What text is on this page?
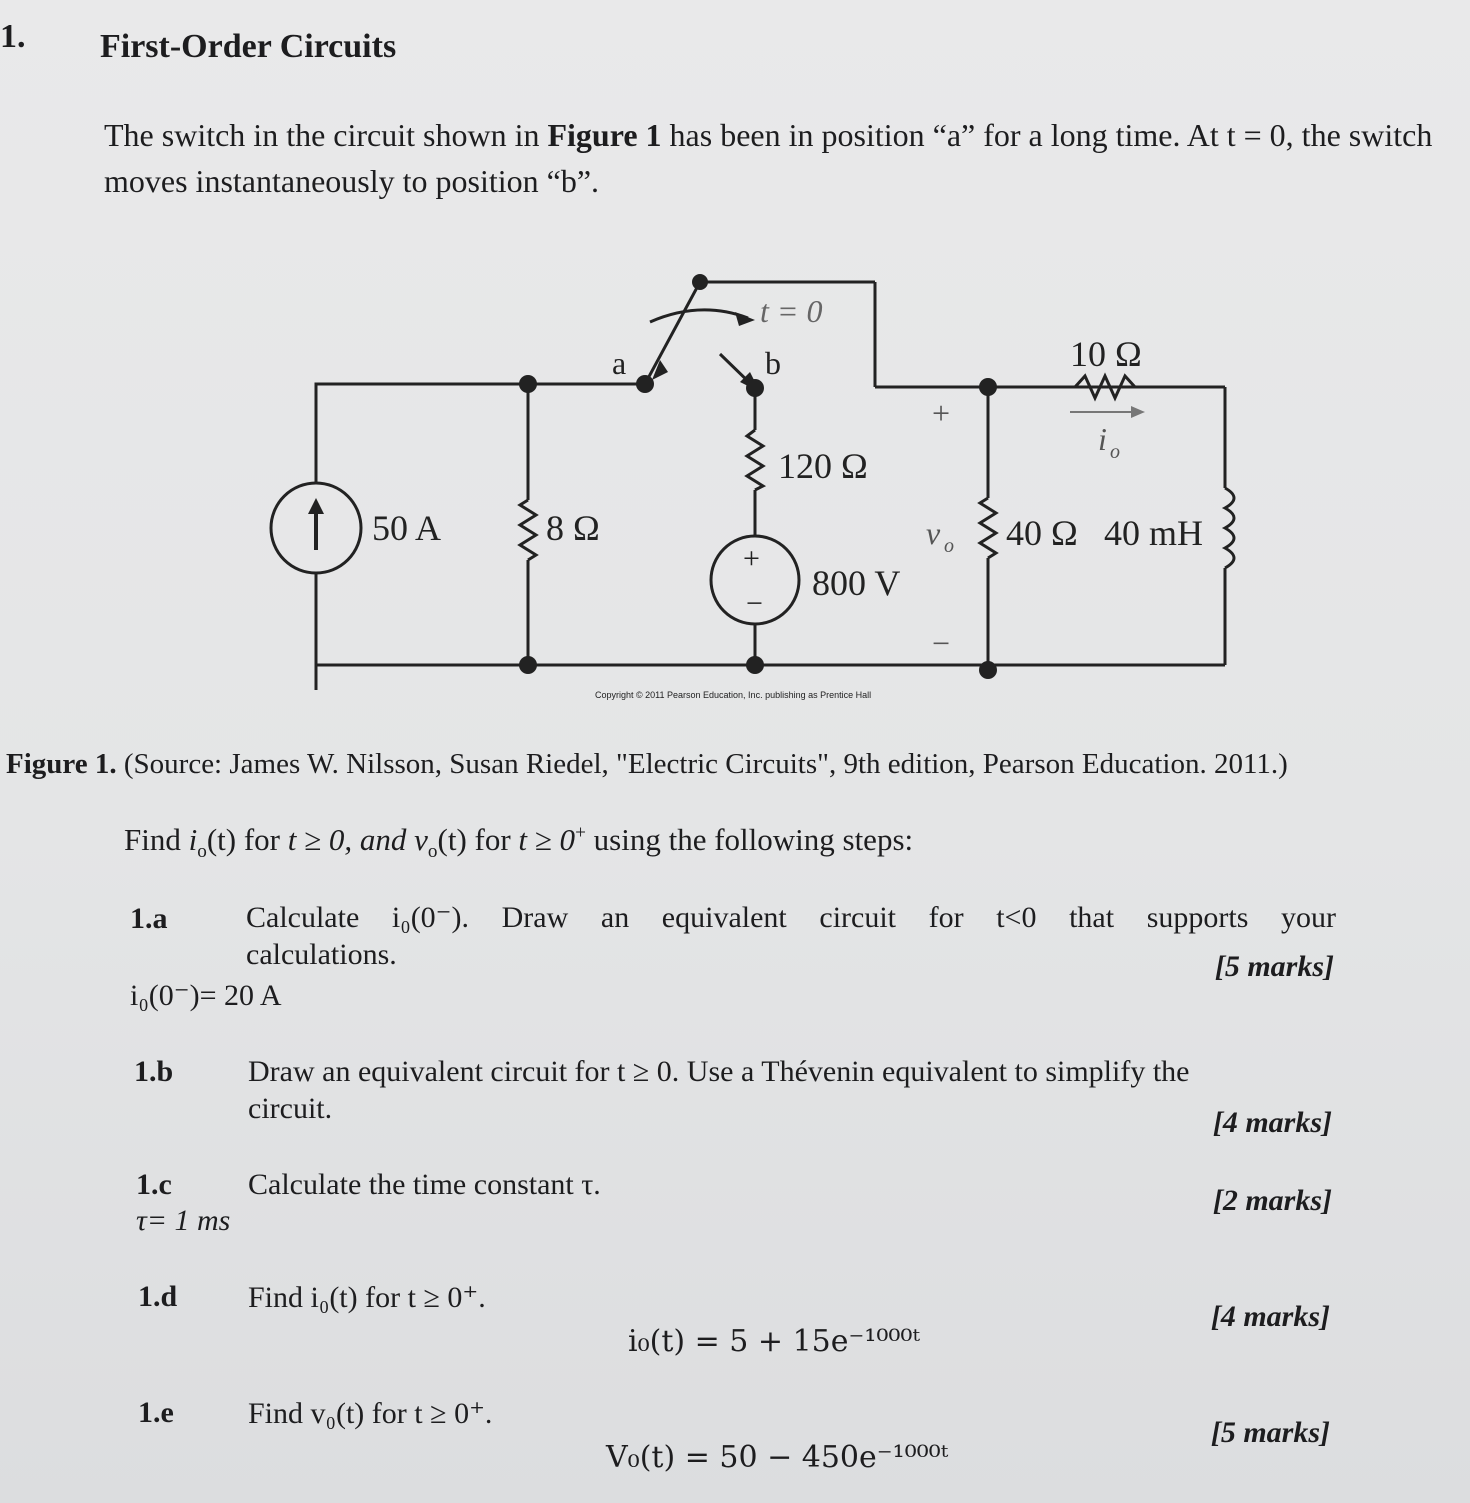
1. First-Order Circuits
The switch in the circuit shown in Figure 1 has been in position “a” for a long time. At t = 0, the switch moves instantaneously to position “b”.
t = 0
a	b
50 A	8 Ω
120 Ω
800 V
+
−
+
−
v o 40 Ω 40 mH
10 Ω
i o
Copyright © 2011 Pearson Education, Inc. publishing as Prentice Hall
Figure 1. (Source: James W. Nilsson, Susan Riedel, "Electric Circuits", 9th edition, Pearson Education. 2011.)
Find $i_o(t)$ for t ≥ 0, and $v_o(t)$ for t ≥ 0+ using the following steps:
1.a	Calculate i₀(0⁻). Draw an equivalent circuit for t<0 that supports your
calculations.	[5 marks]
i₀(0⁻)= 20 A
1.b Draw an equivalent circuit for t ≥ 0. Use a Thévenin equivalent to simplify the
circuit.	[4 marks]
1.c	Calculate the time constant τ.	[2 marks]
τ= 1 ms
1.d Find i₀(t) for t ≥ 0⁺.
[4 marks]
i₀(t) = 5 + 15e⁻¹⁰⁰⁰ᵗ
1.e Find v₀(t) for t ≥ 0⁺.
[5 marks]
V₀(t) = 50 − 450e⁻¹⁰⁰⁰ᵗ
